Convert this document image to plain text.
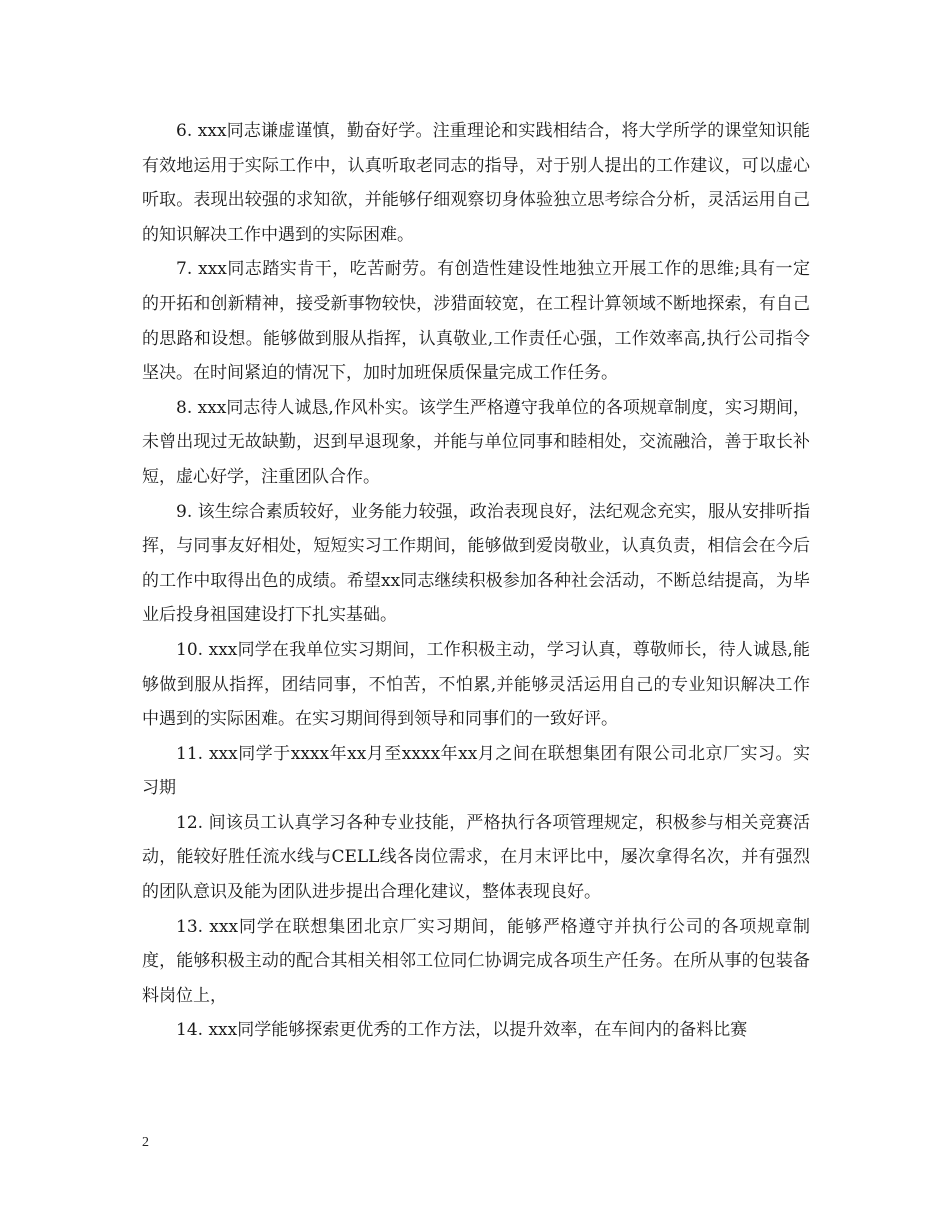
6. xxx同志谦虚谨慎，勤奋好学。注重理论和实践相结合，将大学所学的课堂知识能有效地运用于实际工作中，认真听取老同志的指导，对于别人提出的工作建议，可以虚心听取。表现出较强的求知欲，并能够仔细观察切身体验独立思考综合分析，灵活运用自己的知识解决工作中遇到的实际困难。

7. xxx同志踏实肯干，吃苦耐劳。有创造性建设性地独立开展工作的思维;具有一定的开拓和创新精神，接受新事物较快，涉猎面较宽，在工程计算领域不断地探索，有自己的思路和设想。能够做到服从指挥，认真敬业,工作责任心强，工作效率高,执行公司指令坚决。在时间紧迫的情况下，加时加班保质保量完成工作任务。

8. xxx同志待人诚恳,作风朴实。该学生严格遵守我单位的各项规章制度，实习期间，未曾出现过无故缺勤，迟到早退现象，并能与单位同事和睦相处，交流融洽，善于取长补短，虚心好学，注重团队合作。

9. 该生综合素质较好，业务能力较强，政治表现良好，法纪观念充实，服从安排听指挥，与同事友好相处，短短实习工作期间，能够做到爱岗敬业，认真负责，相信会在今后的工作中取得出色的成绩。希望xx同志继续积极参加各种社会活动，不断总结提高，为毕业后投身祖国建设打下扎实基础。

10. xxx同学在我单位实习期间，工作积极主动，学习认真，尊敬师长，待人诚恳,能够做到服从指挥，团结同事，不怕苦，不怕累,并能够灵活运用自己的专业知识解决工作中遇到的实际困难。在实习期间得到领导和同事们的一致好评。

11. xxx同学于xxxx年xx月至xxxx年xx月之间在联想集团有限公司北京厂实习。实习期

12. 间该员工认真学习各种专业技能，严格执行各项管理规定，积极参与相关竞赛活动，能较好胜任流水线与CELL线各岗位需求，在月末评比中，屡次拿得名次，并有强烈的团队意识及能为团队进步提出合理化建议，整体表现良好。

13. xxx同学在联想集团北京厂实习期间，能够严格遵守并执行公司的各项规章制度，能够积极主动的配合其相关相邻工位同仁协调完成各项生产任务。在所从事的包装备料岗位上，

14. xxx同学能够探索更优秀的工作方法，以提升效率，在车间内的备料比赛

2
